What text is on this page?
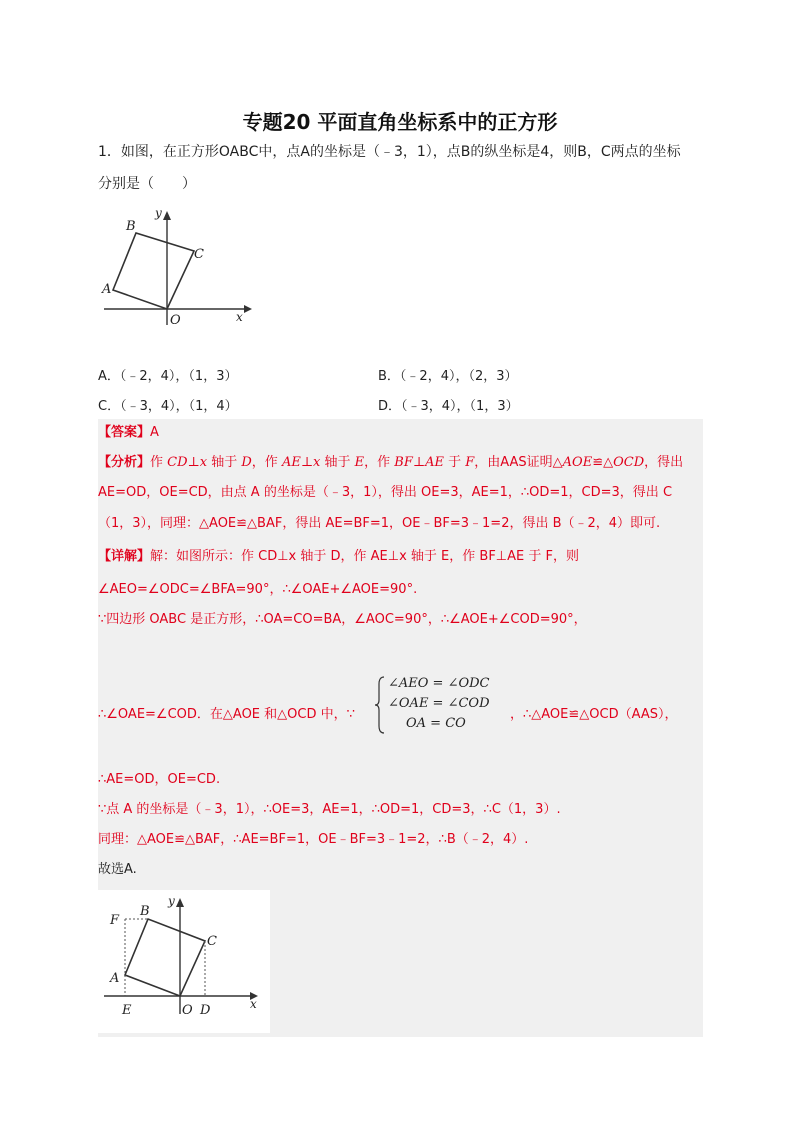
专题20 平面直角坐标系中的正方形
1．如图，在正方形OABC中，点A的坐标是（﹣3，1），点B的纵坐标是4，则B，C两点的坐标
分别是（　　）
B
C
A
O	x
y
A．（﹣2，4），（1，3）	B．（﹣2，4），（2，3）
C．（﹣3，4），（1，4）	D．（﹣3，4），（1，3）
【答案】A
【分析】作 CD⊥x 轴于 D，作 AE⊥x 轴于 E，作 BF⊥AE 于 F，由AAS证明△AOE≌△OCD，得出
AE=OD，OE=CD，由点 A 的坐标是（﹣3，1），得出 OE=3，AE=1，∴OD=1，CD=3，得出 C
（1，3），同理：△AOE≌△BAF，得出 AE=BF=1，OE﹣BF=3﹣1=2，得出 B（﹣2，4）即可.
【详解】解：如图所示：作 CD⊥x 轴于 D，作 AE⊥x 轴于 E，作 BF⊥AE 于 F，则
∠AEO=∠ODC=∠BFA=90°，∴∠OAE+∠AOE=90°.
∵四边形 OABC 是正方形，∴OA=CO=BA，∠AOC=90°，∴∠AOE+∠COD=90°，
∴∠OAE=∠COD．在△AOE 和△OCD 中，∵
∠AEO = ∠ODC
∠OAE = ∠COD
OA = CO
，∴△AOE≌△OCD（AAS），
∴AE=OD，OE=CD.
∵点 A 的坐标是（﹣3，1），∴OE=3，AE=1，∴OD=1，CD=3，∴C（1，3）.
同理：△AOE≌△BAF，∴AE=BF=1，OE﹣BF=3﹣1=2，∴B（﹣2，4）.
故选A.
F
B
C
A
E	O D	x
y
